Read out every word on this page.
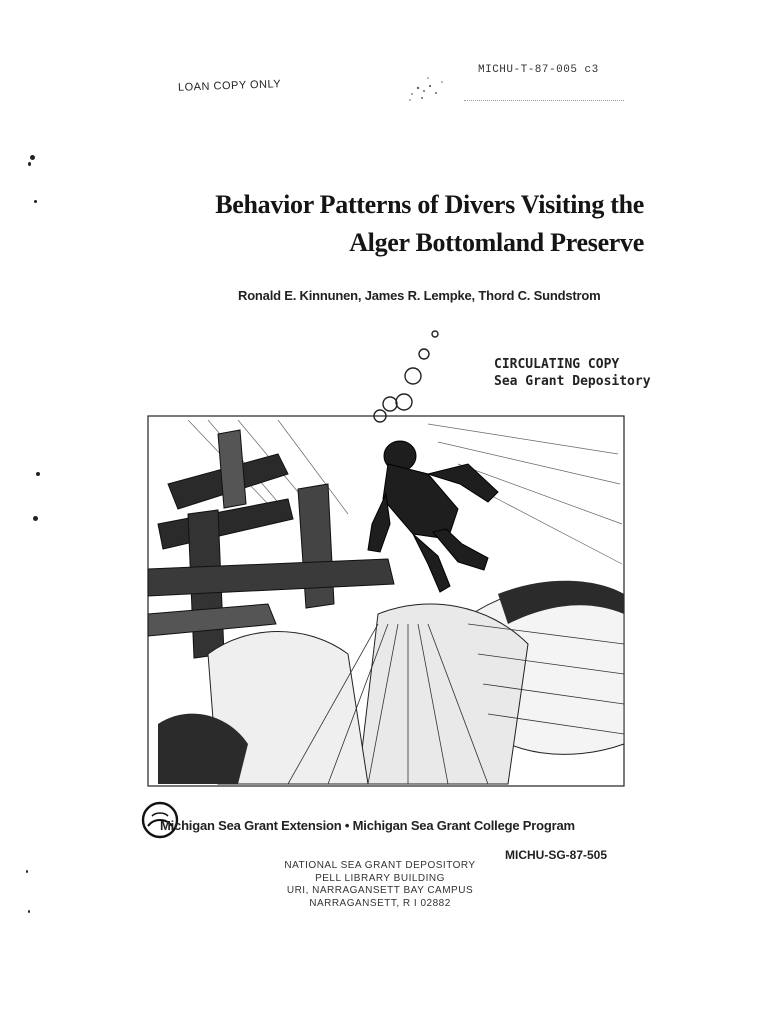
LOAN COPY ONLY
MICHU-T-87-005 c3
Behavior Patterns of Divers Visiting the
Alger Bottomland Preserve
Ronald E. Kinnunen, James R. Lempke, Thord C. Sundstrom
CIRCULATING COPY
Sea Grant Depository
Michigan Sea Grant Extension • Michigan Sea Grant College Program
MICHU-SG-87-505
NATIONAL SEA GRANT DEPOSITORY
PELL LIBRARY BUILDING
URI, NARRAGANSETT BAY CAMPUS
NARRAGANSETT, R I 02882
